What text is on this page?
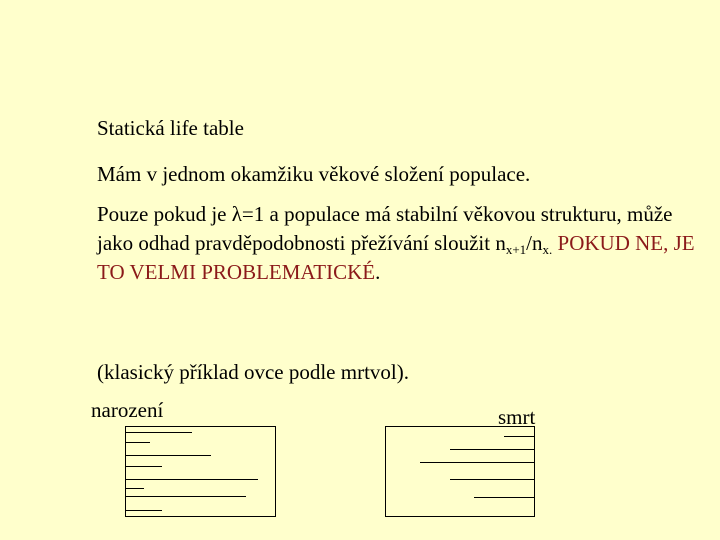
Statická life table

Mám v jednom okamžiku věkové složení populace.

Pouze pokud je λ=1 a populace má stabilní věkovou strukturu, může jako odhad pravděpodobnosti přežívání sloužit $n_{x+1}/n_{x.}$ POKUD NE, JE TO VELMI PROBLEMATICKÉ.

(klasický příklad ovce podle mrtvol).

narození	smrt
